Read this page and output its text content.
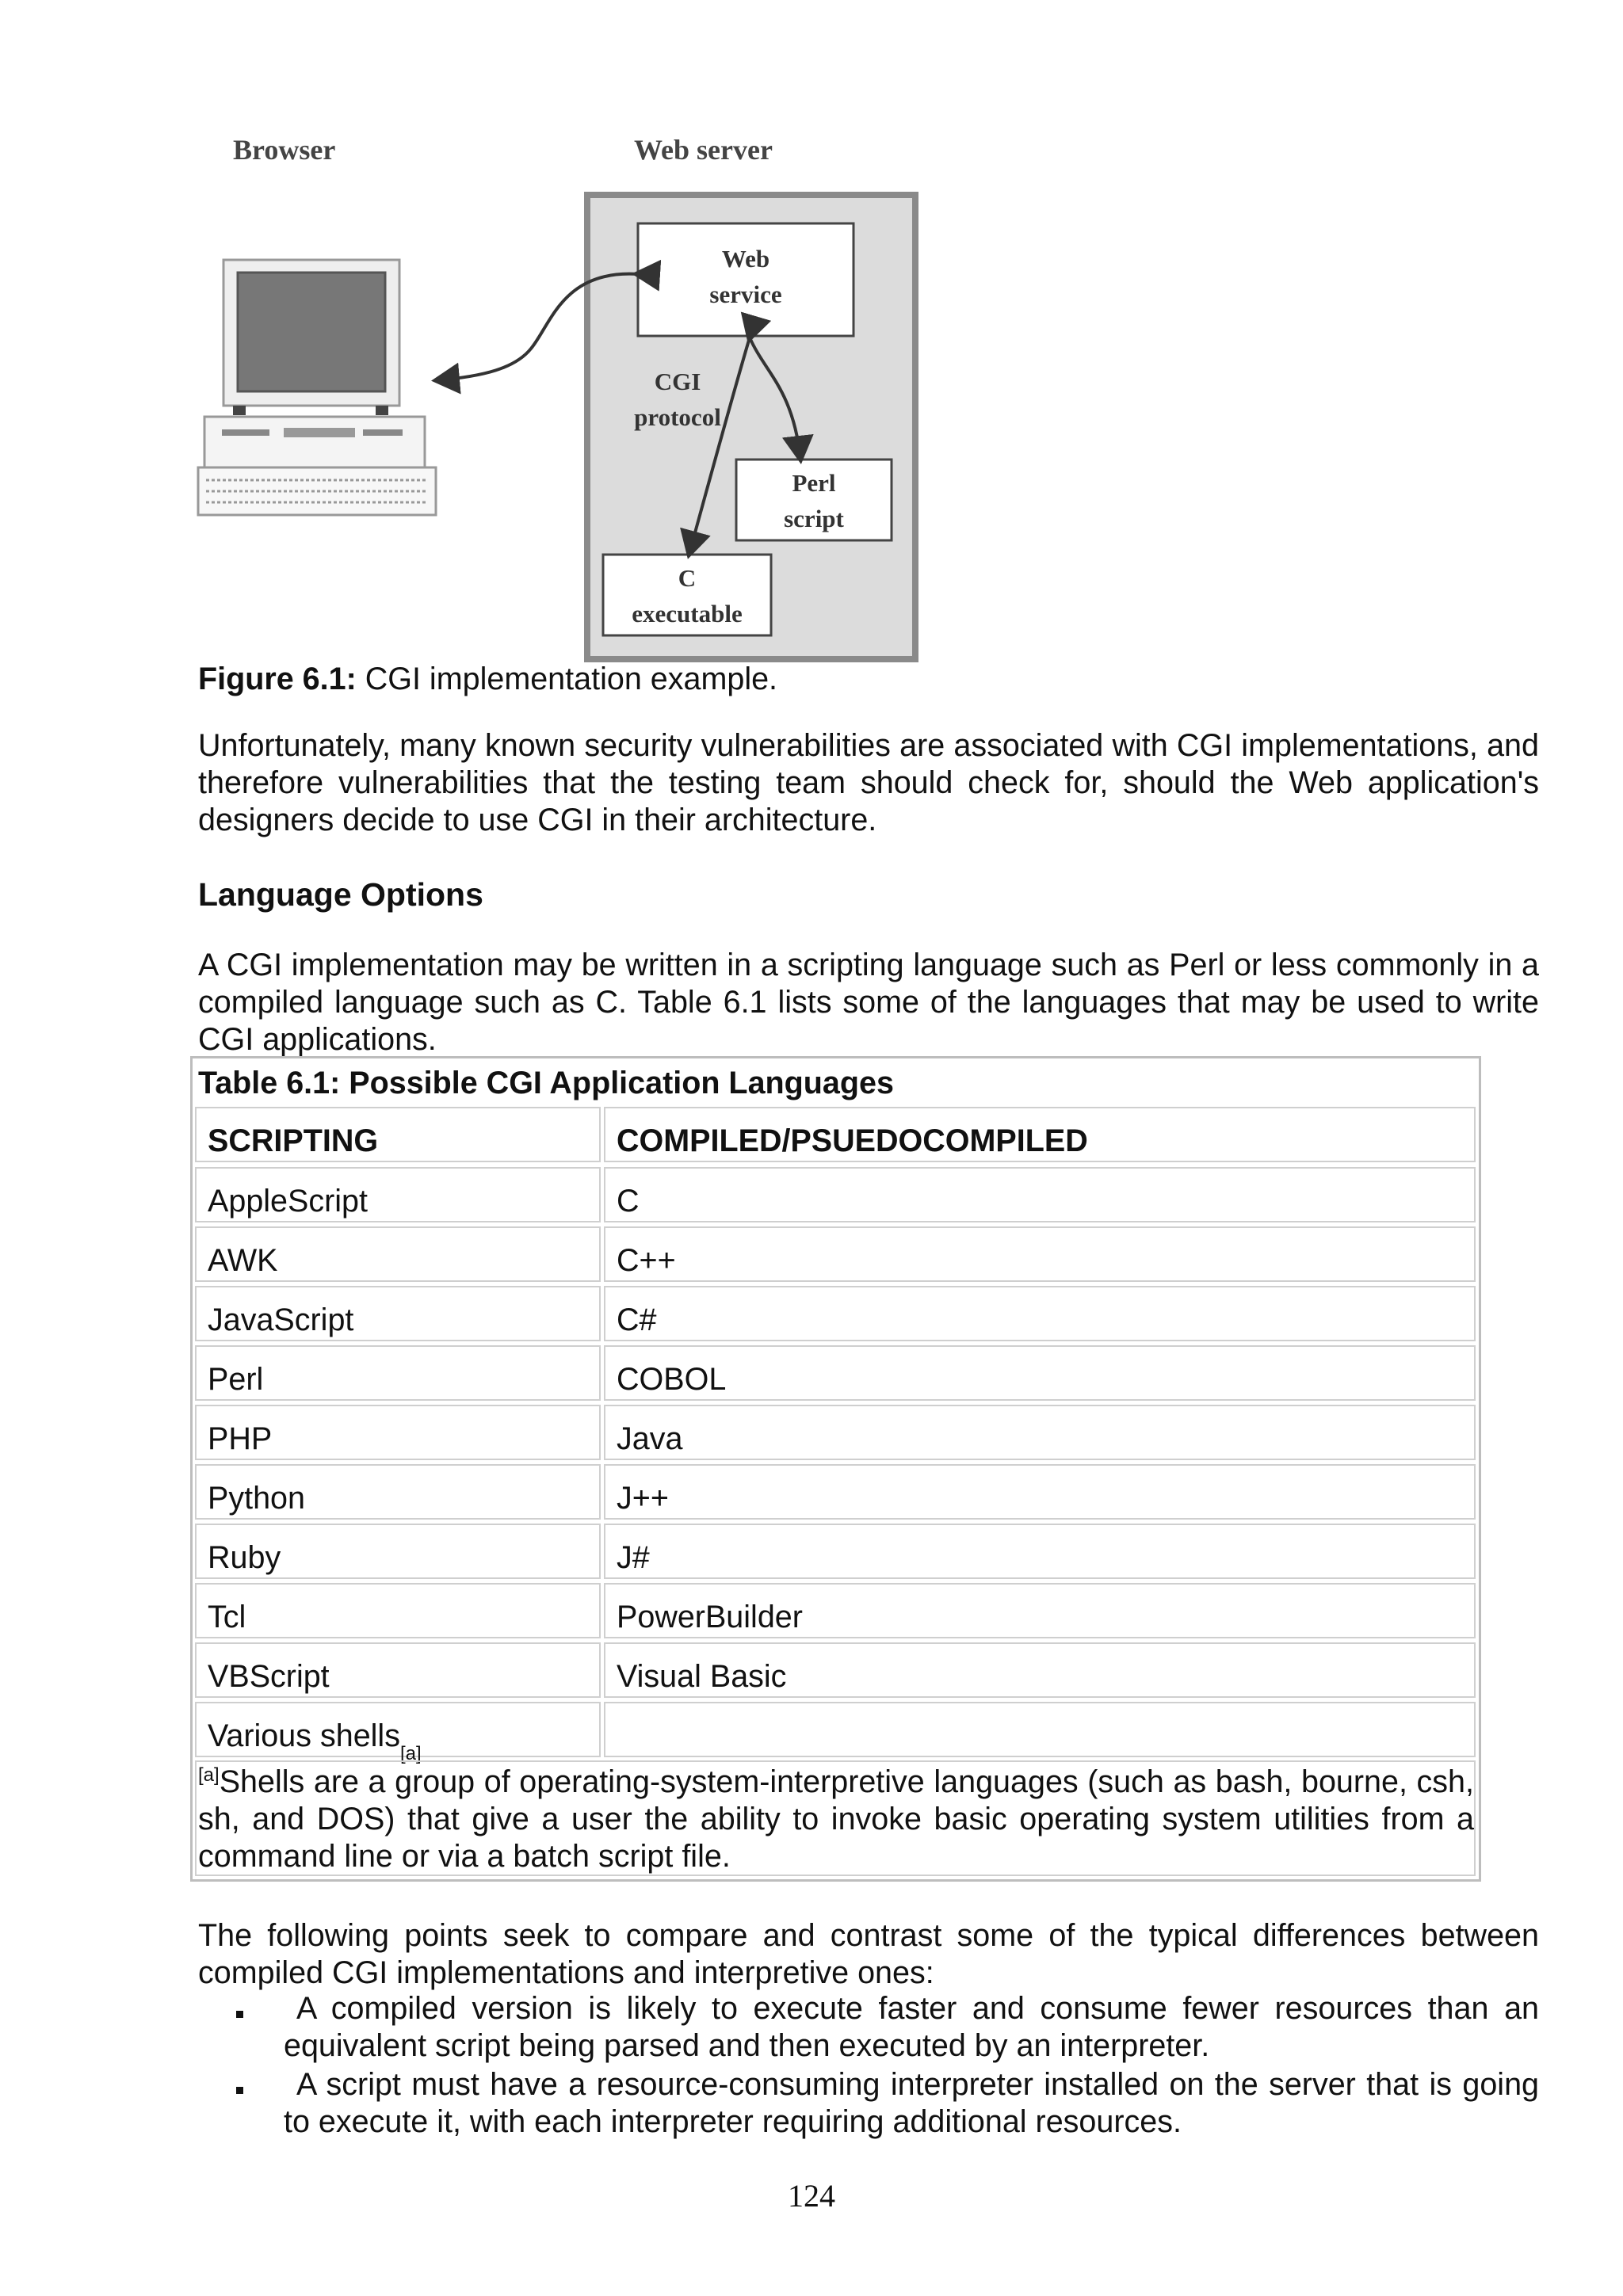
Browser	Web server
Web
service
CGI
protocol
Perl
script
C
executable
Figure 6.1: CGI implementation example.
Unfortunately, many known security vulnerabilities are associated with CGI implementations, and therefore vulnerabilities that the testing team should check for, should the Web application's designers decide to use CGI in their architecture.
Language Options
A CGI implementation may be written in a scripting language such as Perl or less commonly in a compiled language such as C. Table 6.1 lists some of the languages that may be used to write CGI applications.
Table 6.1: Possible CGI Application Languages
SCRIPTING	COMPILED/PSUEDOCOMPILED
AppleScript	C
AWK	C++
JavaScript	C#
Perl	COBOL
PHP	Java
Python	J++
Ruby	J#
Tcl	PowerBuilder
VBScript	Visual Basic
Various shells
[a]
[a]Shells are a group of operating-system-interpretive languages (such as bash, bourne, csh, sh, and DOS) that give a user the ability to invoke basic operating system utilities from a command line or via a batch script file.
The following points seek to compare and contrast some of the typical differences between compiled CGI implementations and interpretive ones:
A compiled version is likely to execute faster and consume fewer resources than an equivalent script being parsed and then executed by an interpreter.
A script must have a resource-consuming interpreter installed on the server that is going to execute it, with each interpreter requiring additional resources.
124
